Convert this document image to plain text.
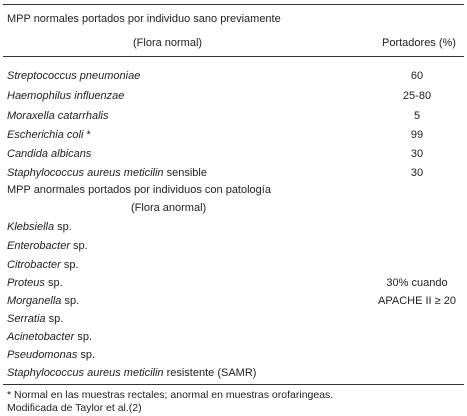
MPP normales portados por individuo sano previamente
(Flora normal)	Portadores (%)
Streptococcus pneumoniae	60
Haemophilus influenzae	25-80
Moraxella catarrhalis	5
Escherichia coli *	99
Candida albicans	30
Staphylococcus aureus meticilin sensible	30
MPP anormales portados por individuos con patología
(Flora anormal)
Klebsiella sp.
Enterobacter sp.
Citrobacter sp.
Proteus sp.	30% cuando
Morganella sp.	APACHE II ≥ 20
Serratia sp.
Acinetobacter sp.
Pseudomonas sp.
Staphylococcus aureus meticilin resistente (SAMR)
* Normal en las muestras rectales; anormal en muestras orofaringeas.
Modificada de Taylor et al.(2)
